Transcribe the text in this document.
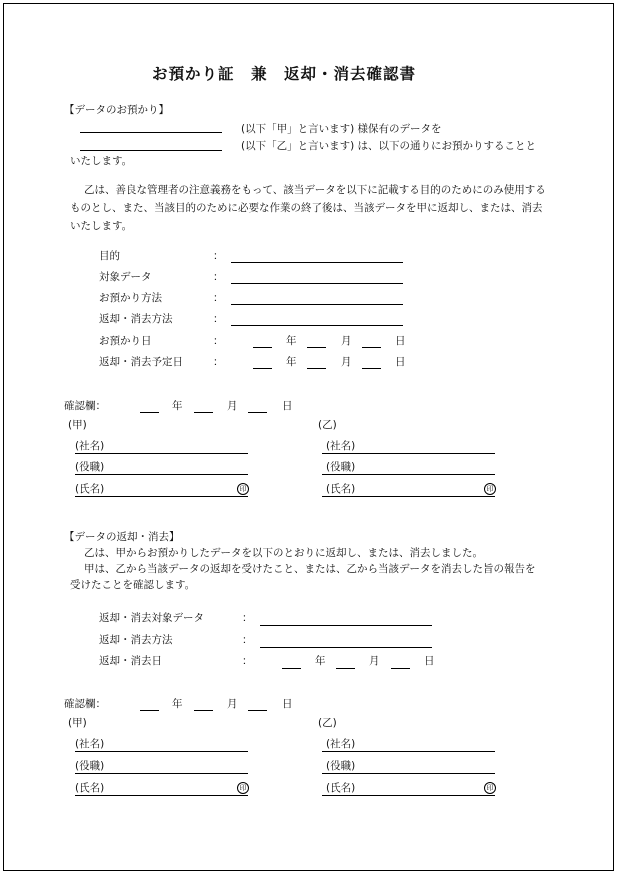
お預かり証　兼　返却・消去確認書
【データのお預かり】
(以下「甲」と言います) 様保有のデータを
(以下「乙」と言います) は、以下の通りにお預かりすることと
いたします。
乙は、善良な管理者の注意義務をもって、該当データを以下に記載する目的のためにのみ使用するものとし、また、当該目的のために必要な作業の終了後は、当該データを甲に返却し、または、消去いたします。
目的	：
対象データ	：
お預かり方法	：
返却・消去方法	：
お預かり日	：	年	月	日
返却・消去予定日	：	年	月	日
確認欄：	年	月	日
(甲)	(乙)
(社名)	(社名)
(役職)	(役職)
(氏名)	印	(氏名)	印
【データの返却・消去】
乙は、甲からお預かりしたデータを以下のとおりに返却し、または、消去しました。
甲は、乙から当該データの返却を受けたこと、または、乙から当該データを消去した旨の報告を
受けたことを確認します。
返却・消去対象データ	：
返却・消去方法	：
返却・消去日	：	年	月	日
確認欄：	年	月	日
(甲)	(乙)
(社名)	(社名)
(役職)	(役職)
(氏名)	印	(氏名)	印
